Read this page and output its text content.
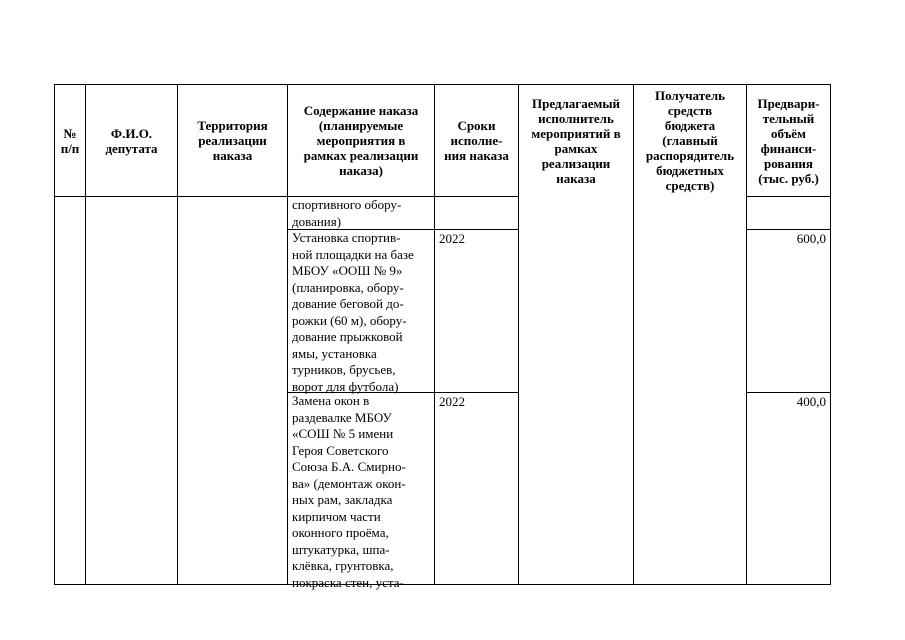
№
п/п
Ф.И.О.
депутата
Территория
реализации
наказа
Содержание наказа
(планируемые
мероприятия в
рамках реализации
наказа)
Сроки
исполне-
ния наказа
Предлагаемый
исполнитель
мероприятий в
рамках
реализации
наказа
Получатель
средств
бюджета
(главный
распорядитель
бюджетных
средств)
Предвари-
тельный
объём
финанси-
рования
(тыс. руб.)
спортивного обору-
дования)
Установка спортив-
ной площадки на базе
МБОУ «ООШ № 9»
(планировка, обору-
дование беговой до-
рожки (60 м), обору-
дование прыжковой
ямы, установка
турников, брусьев,
ворот для футбола)
2022	600,0
Замена окон в
раздевалке МБОУ
«СОШ № 5 имени
Героя Советского
Союза Б.А. Смирно-
ва» (демонтаж окон-
ных рам, закладка
кирпичом части
оконного проёма,
штукатурка, шпа-
клёвка, грунтовка,
покраска стен, уста-
2022	400,0
